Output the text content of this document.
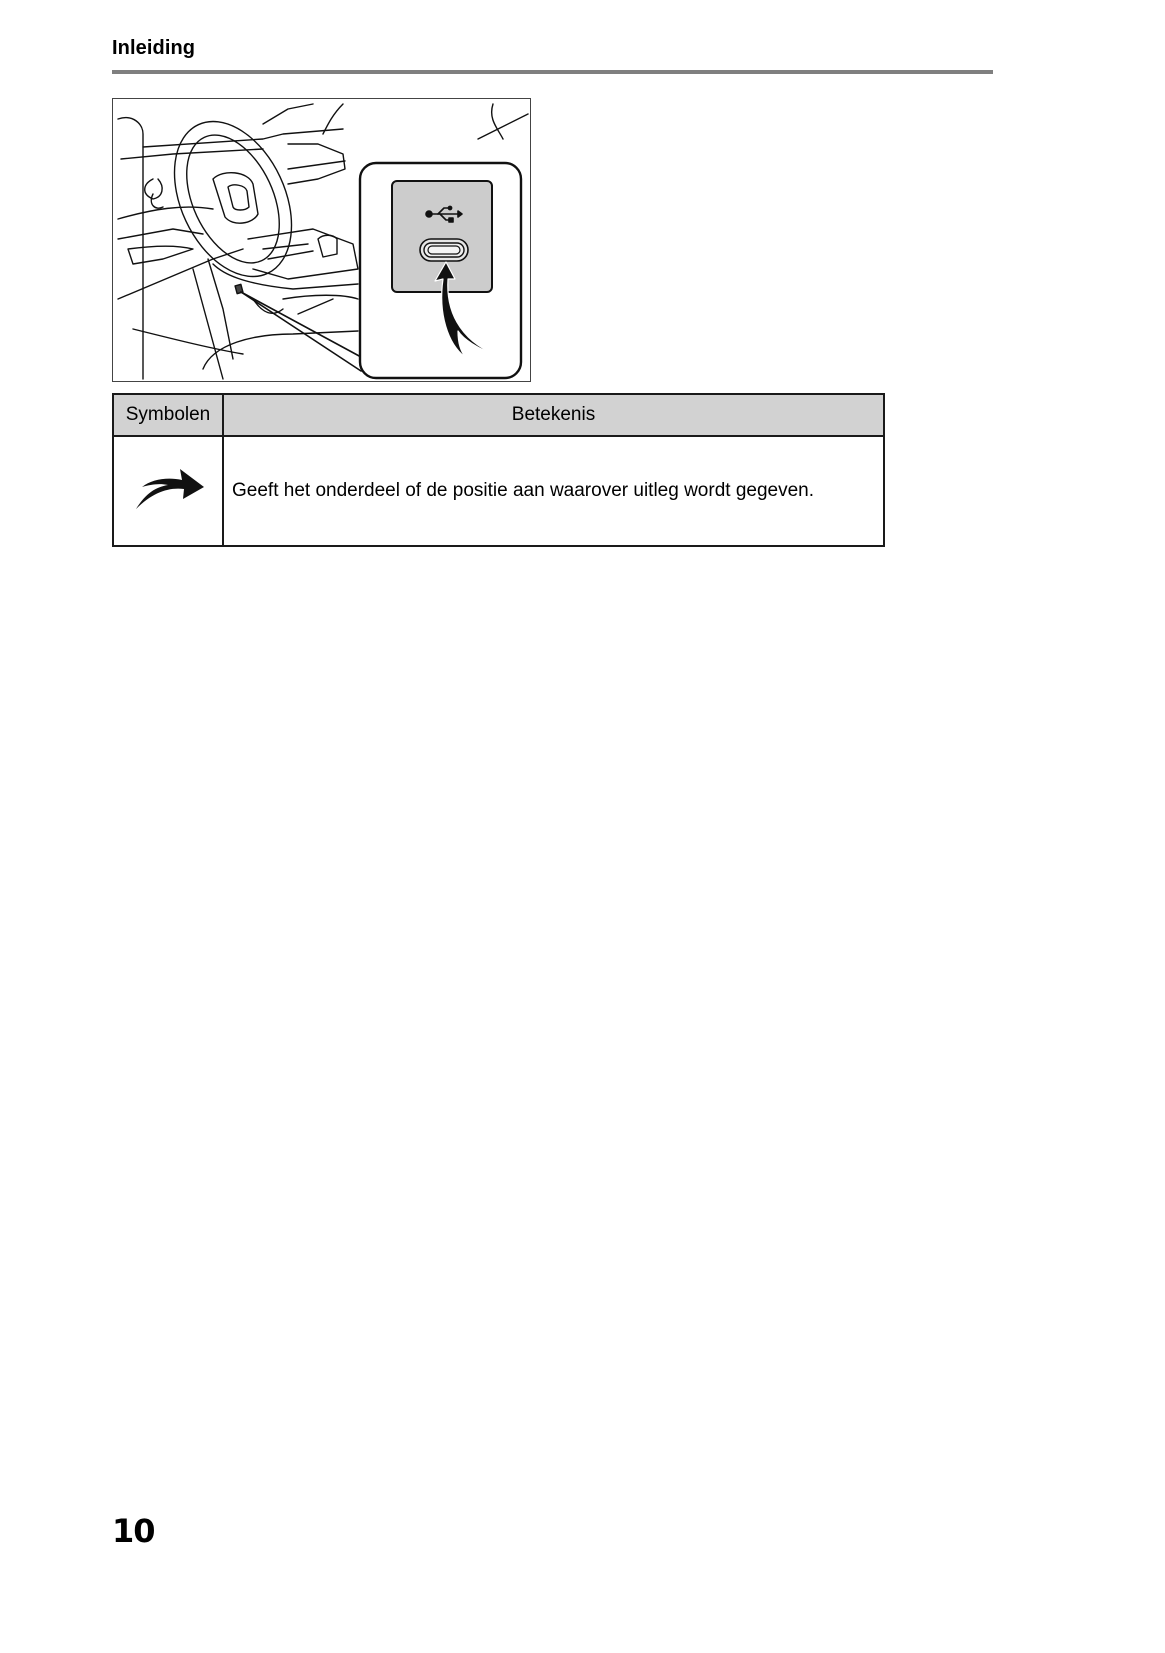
Inleiding
Symbolen	Betekenis
	Geeft het onderdeel of de positie aan waarover uitleg wordt gegeven.
10
